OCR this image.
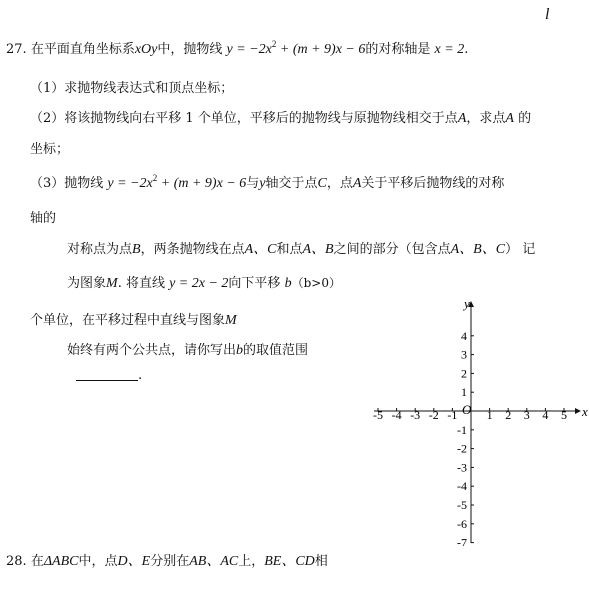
l
27. 在平面直角坐标系xOy中，抛物线 $y = -2x^2 + (m + 9)x - 6$的对称轴是 x = 2.
（1）求抛物线表达式和顶点坐标；
（2）将该抛物线向右平移 1 个单位，平移后的抛物线与原抛物线相交于点A，求点A 的
坐标；
（3）抛物线 $y = -2x^2 + (m + 9)x - 6$与y轴交于点C，点A关于平移后抛物线的对称
轴的
对称点为点B，两条抛物线在点A、C和点A、B之间的部分（包含点A、B、C） 记
为图象M. 将直线 y = 2x − 2向下平移 b（b>0）
个单位，在平移过程中直线与图象M
始终有两个公共点，请你写出b的取值范围
.
-5 -4 -3 -2 -1 1 2 3 4 5
4
3
2
1
-1
-2
-3
-4
-5
-6
-7
x
y
O
28. 在ΔABC中，点D、E分别在AB、AC上，BE、CD相
